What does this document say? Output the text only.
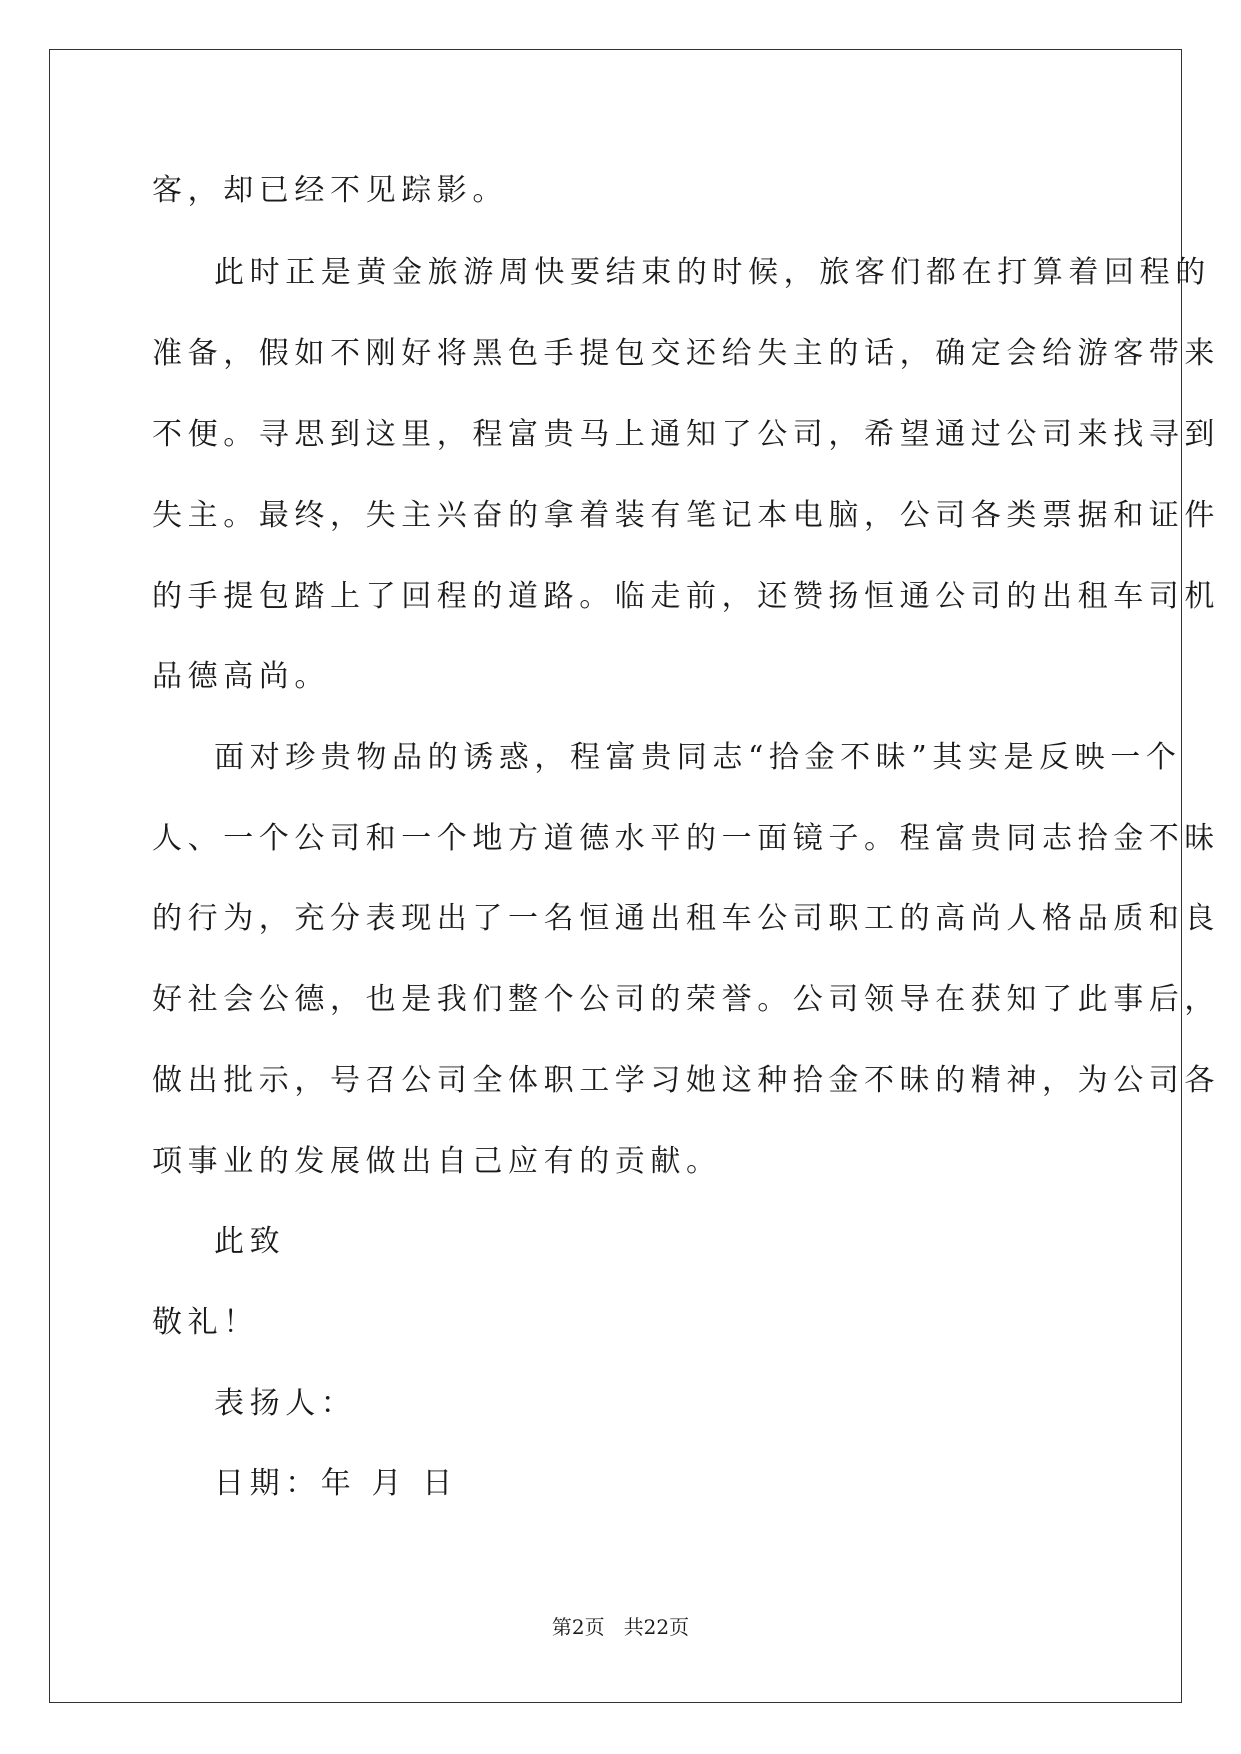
客，却已经不见踪影。
此时正是黄金旅游周快要结束的时候，旅客们都在打算着回程的
准备，假如不刚好将黑色手提包交还给失主的话，确定会给游客带来
不便。寻思到这里，程富贵马上通知了公司，希望通过公司来找寻到
失主。最终，失主兴奋的拿着装有笔记本电脑，公司各类票据和证件
的手提包踏上了回程的道路。临走前，还赞扬恒通公司的出租车司机
品德高尚。
面对珍贵物品的诱惑，程富贵同志“拾金不昧”其实是反映一个
人、一个公司和一个地方道德水平的一面镜子。程富贵同志拾金不昧
的行为，充分表现出了一名恒通出租车公司职工的高尚人格品质和良
好社会公德，也是我们整个公司的荣誉。公司领导在获知了此事后，
做出批示，号召公司全体职工学习她这种拾金不昧的精神，为公司各
项事业的发展做出自己应有的贡献。
此致
敬礼！
表扬人：
日期：年 月 日
第2页   共22页
